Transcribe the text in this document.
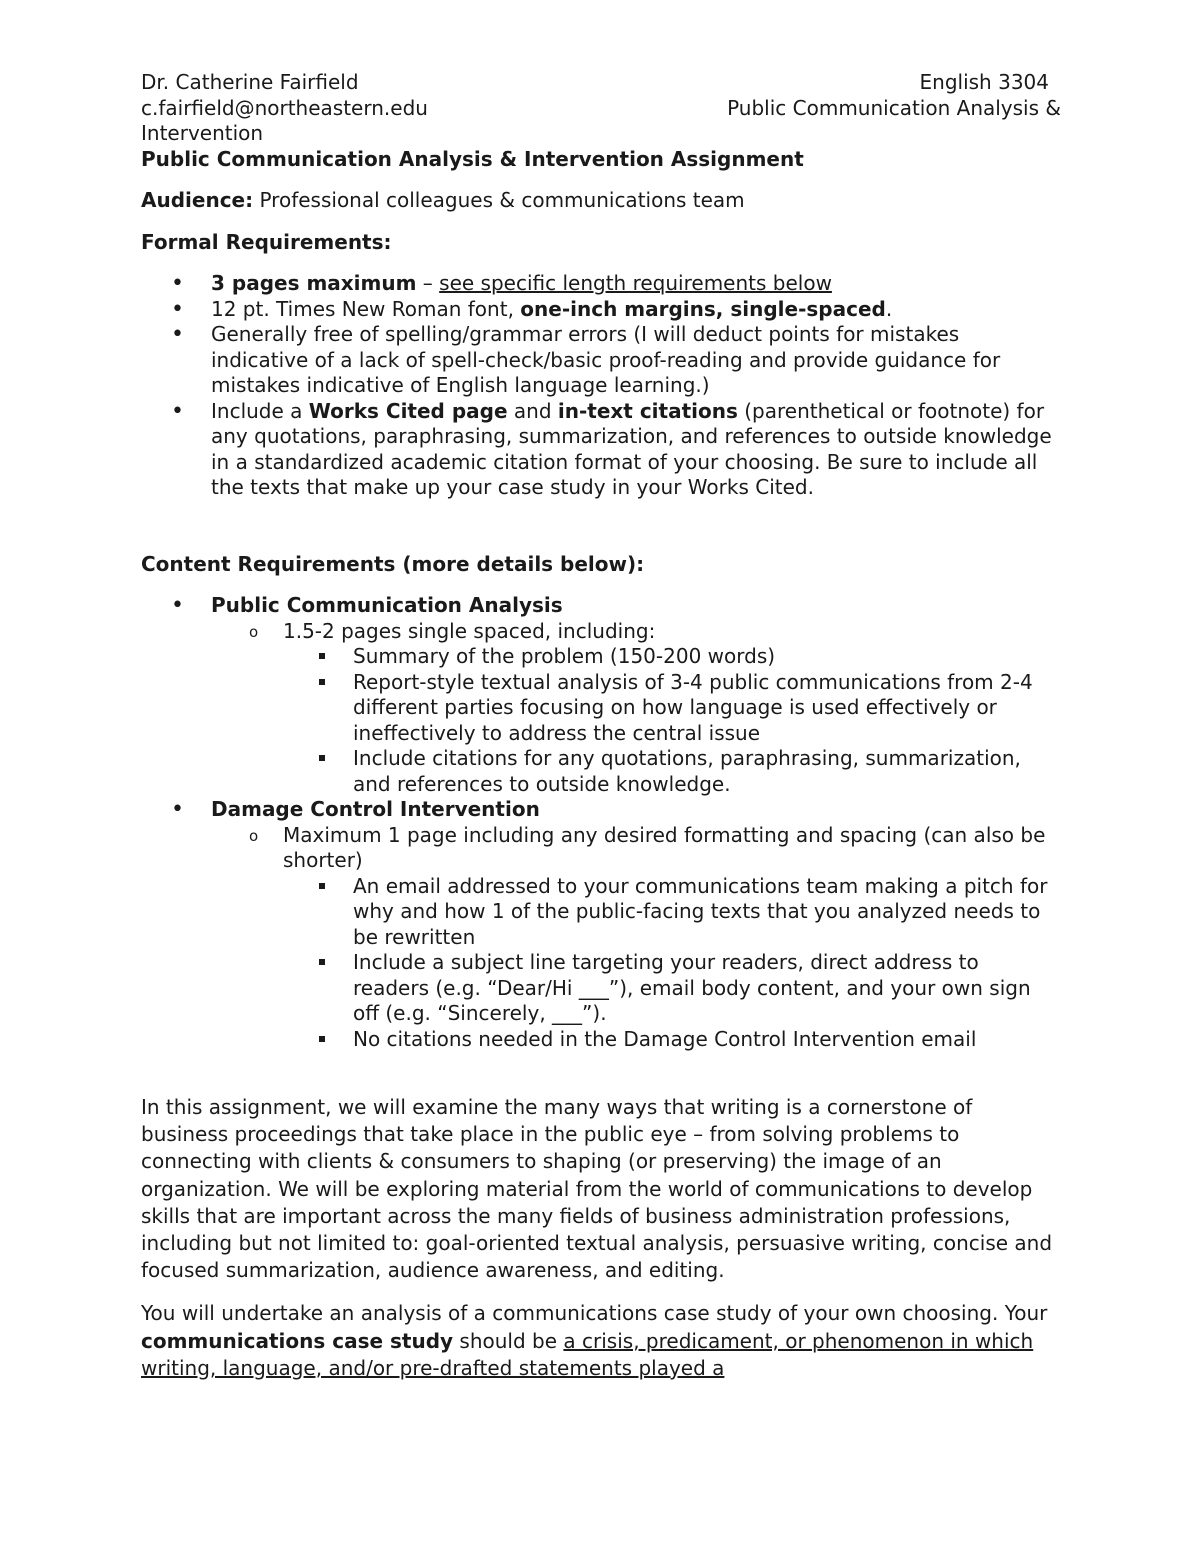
Dr. Catherine Fairfield	English 3304
c.fairfield@northeastern.edu	Public Communication Analysis &
Intervention
Public Communication Analysis & Intervention Assignment

Audience: Professional colleagues & communications team

Formal Requirements:

• 3 pages maximum – see specific length requirements below
• 12 pt. Times New Roman font, one-inch margins, single-spaced.
• Generally free of spelling/grammar errors (I will deduct points for mistakes indicative of a lack of spell-check/basic proof-reading and provide guidance for mistakes indicative of English language learning.)
• Include a Works Cited page and in-text citations (parenthetical or footnote) for any quotations, paraphrasing, summarization, and references to outside knowledge in a standardized academic citation format of your choosing. Be sure to include all the texts that make up your case study in your Works Cited.

Content Requirements (more details below):

• Public Communication Analysis
o 1.5-2 pages single spaced, including:
Summary of the problem (150-200 words)
Report-style textual analysis of 3-4 public communications from 2-4 different parties focusing on how language is used effectively or ineffectively to address the central issue
Include citations for any quotations, paraphrasing, summarization, and references to outside knowledge.
• Damage Control Intervention
o Maximum 1 page including any desired formatting and spacing (can also be shorter)
An email addressed to your communications team making a pitch for why and how 1 of the public-facing texts that you analyzed needs to be rewritten
Include a subject line targeting your readers, direct address to readers (e.g. “Dear/Hi ___”), email body content, and your own sign off (e.g. “Sincerely, ___”).
No citations needed in the Damage Control Intervention email

In this assignment, we will examine the many ways that writing is a cornerstone of business proceedings that take place in the public eye – from solving problems to connecting with clients & consumers to shaping (or preserving) the image of an organization. We will be exploring material from the world of communications to develop skills that are important across the many fields of business administration professions, including but not limited to: goal-oriented textual analysis, persuasive writing, concise and focused summarization, audience awareness, and editing.

You will undertake an analysis of a communications case study of your own choosing. Your communications case study should be a crisis, predicament, or phenomenon in which writing, language, and/or pre-drafted statements played a
